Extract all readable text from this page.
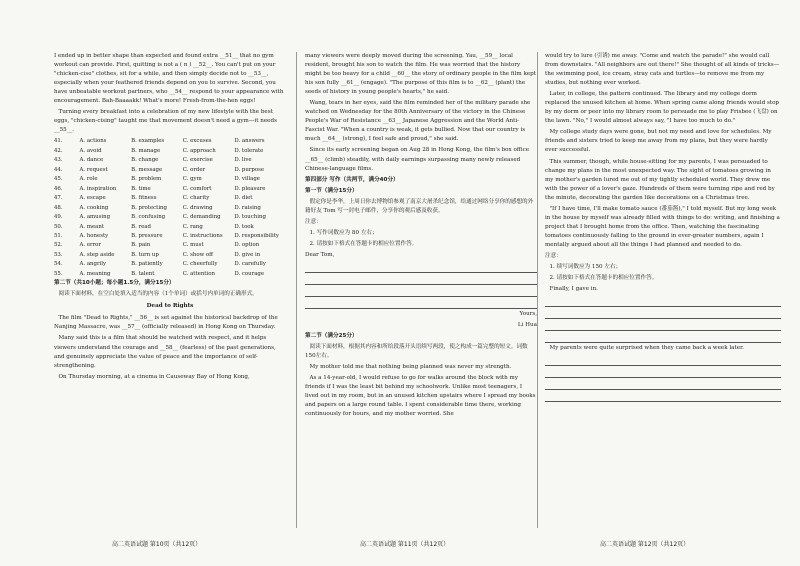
I ended up in better shape than expected and found extra __51__ that no gym workout can provide. First, quitting is not a ( n ) __52__. You can't put on your "chicken-cise" clothes, sit for a while, and then simply decide not to __53__, especially when your feathered friends depend on you to survive. Second, you have unbeatable workout partners, who __54__ respond to your appearance with encouragement. Bah-Baaaakk! What's more! Fresh-from-the-hen eggs!

Turning every breakfast into a celebration of my new lifestyle with the best eggs, "chicken-cising" taught me that movement doesn't need a gym—it needs __55__.

41.	A. actions	B. examples	C. excuses	D. answers
42.	A. avoid	B. manage	C. approach	D. tolerate
43.	A. dance	B. change	C. exercise	D. live
44.	A. request	B. message	C. order	D. purpose
45.	A. role	B. problem	C. gym	D. village
46.	A. inspiration	B. time	C. comfort	D. pleasure
47.	A. escape	B. fitness	C. charity	D. diet
48.	A. cooking	B. protecting	C. drawing	D. raising
49.	A. amusing	B. confusing	C. demanding	D. touching
50.	A. meant	B. read	C. rang	D. took
51.	A. honesty	B. pressure	C. instructions	D. responsibility
52.	A. error	B. pain	C. must	D. option
53.	A. step aside	B. turn up	C. show off	D. give in
54.	A. angrily	B. patiently	C. cheerfully	D. carefully
55.	A. meaning	B. talent	C. attention	D. courage

第二节（共10小题；每小题1.5分，满分15分）

阅读下面材料，在空白处填入适当的内容（1个单词）或括号内单词的正确形式。

Dead to Rights

The film "Dead to Rights," __56__ is set against the historical backdrop of the Nanjing Massacre, was __57__ (officially released) in Hong Kong on Thursday.

Many said this is a film that should be watched with respect, and it helps viewers understand the courage and __58__ (fearless) of the past generations, and genuinely appreciate the value of peace and the importance of self-strengthening.

On Thursday morning, at a cinema in Causeway Bay of Hong Kong,

many viewers were deeply moved during the screening. Yau, __59__ local resident, brought his son to watch the film. He was worried that the history might be too heavy for a child __60__ the story of ordinary people in the film kept his son fully __61__ (engage). "The purpose of this film is to __62__ (plant) the seeds of history in young people's hearts," he said.

Wang, tears in her eyes, said the film reminded her of the military parade she watched on Wednesday for the 80th Anniversary of the victory in the Chinese People's War of Resistance __63__ Japanese Aggression and the World Anti-Fascist War. "When a country is weak, it gets bullied. Now that our country is much __64__ (strong), I feel safe and proud," she said.

Since its early screening began on Aug 28 in Hong Kong, the film's box office __65__ (climb) steadily, with daily earnings surpassing many newly released Chinese-language films.

第四部分 写作（共两节，满分40分）

第一节（满分15分）

假定你是李华，上周日你去博物馆参观了南京大屠杀纪念馆，给通过网络分享你的感想的外籍好友 Tom 写一封电子邮件，分享你的观后感及收获。

注意：

1. 写作词数应为 80 左右；

2. 请按如下格式在答题卡的相应位置作答。

Dear Tom,

Yours,

Li Hua

第二节（满分25分）

阅读下面材料，根据其内容和所给段落开头语续写两段，使之构成一篇完整的短文。词数150左右。

My mother told me that nothing being planned was never my strength.

As a 14-year-old, I would refuse to go for walks around the block with my friends if I was the least bit behind my schoolwork. Unlike most teenagers, I lived out in my room, but in an unused kitchen upstairs where I spread my books and papers on a large round table. I spent considerable time there, working continuously for hours, and my mother worried. She

would try to lure (引诱) me away. "Come and watch the parade!" she would call from downstairs. "All neighbors are out there!" She thought of all kinds of tricks—the swimming pool, ice cream, stray cats and turtles—to remove me from my studies, but nothing ever worked.

Later, in college, the pattern continued. The library and my college dorm replaced the unused kitchen at home. When spring came along friends would stop by my dorm or peer into my library room to persuade me to play Frisbee (飞盘) on the lawn. "No," I would almost always say, "I have too much to do."

My college study days were gone, but not my need and love for schedules. My friends and sisters tried to keep me away from my plans, but they were hardly ever successful.

This summer, though, while house-sitting for my parents, I was persuaded to change my plans in the most unexpected way. The sight of tomatoes growing in my mother's garden lured me out of my tightly scheduled world. They drew me with the power of a lover's gaze. Hundreds of them were turning ripe and red by the minute, decorating the garden like decorations on a Christmas tree.

"If I have time, I'll make tomato sauce (番茄酱)," I told myself. But my long week in the house by myself was already filled with things to do: writing, and finishing a project that I brought home from the office. Then, watching the fascinating tomatoes continuously falling to the ground in ever-greater numbers, again I mentally argued about all the things I had planned and needed to do.

注意：

1. 续写词数应为 150 左右；

2. 请按如下格式在答题卡的相应位置作答。

Finally, I gave in.

My parents were quite surprised when they came back a week later.

高二英语试题 第10页（共12页）	高二英语试题 第11页（共12页）	高二英语试题 第12页（共12页）
